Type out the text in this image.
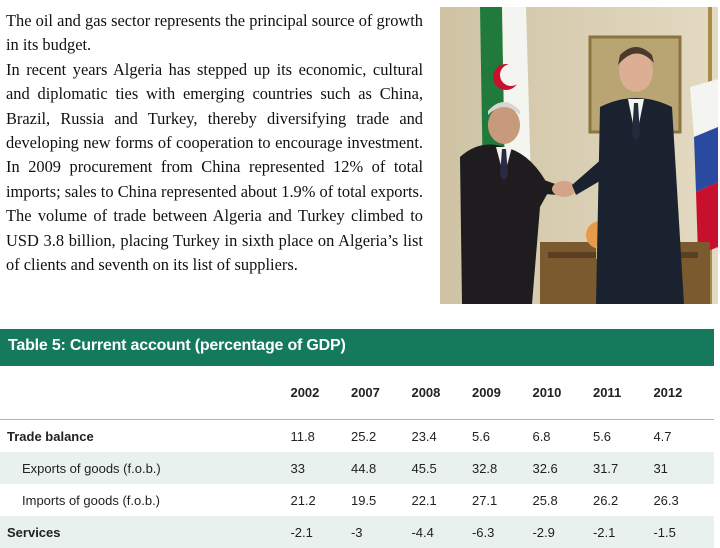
The oil and gas sector represents the principal source of growth in its budget.

In recent years Algeria has stepped up its economic, cultural and diplomatic ties with emerging countries such as China, Brazil, Russia and Turkey, thereby diversifying trade and developing new forms of cooperation to encourage investment. In 2009 procurement from China represented 12% of total imports; sales to China represented about 1.9% of total exports. The volume of trade between Algeria and Turkey climbed to USD 3.8 billion, placing Turkey in sixth place on Algeria’s list of clients and seventh on its list of suppliers.

Table 5: Current account (percentage of GDP)
	2002	2007	2008	2009	2010	2011	2012
Trade balance	11.8	25.2	23.4	5.6	6.8	5.6	4.7
Exports of goods (f.o.b.)	33	44.8	45.5	32.8	32.6	31.7	31
Imports of goods (f.o.b.)	21.2	19.5	22.1	27.1	25.8	26.2	26.3
Services	-2.1	-3	-4.4	-6.3	-2.9	-2.1	-1.5
